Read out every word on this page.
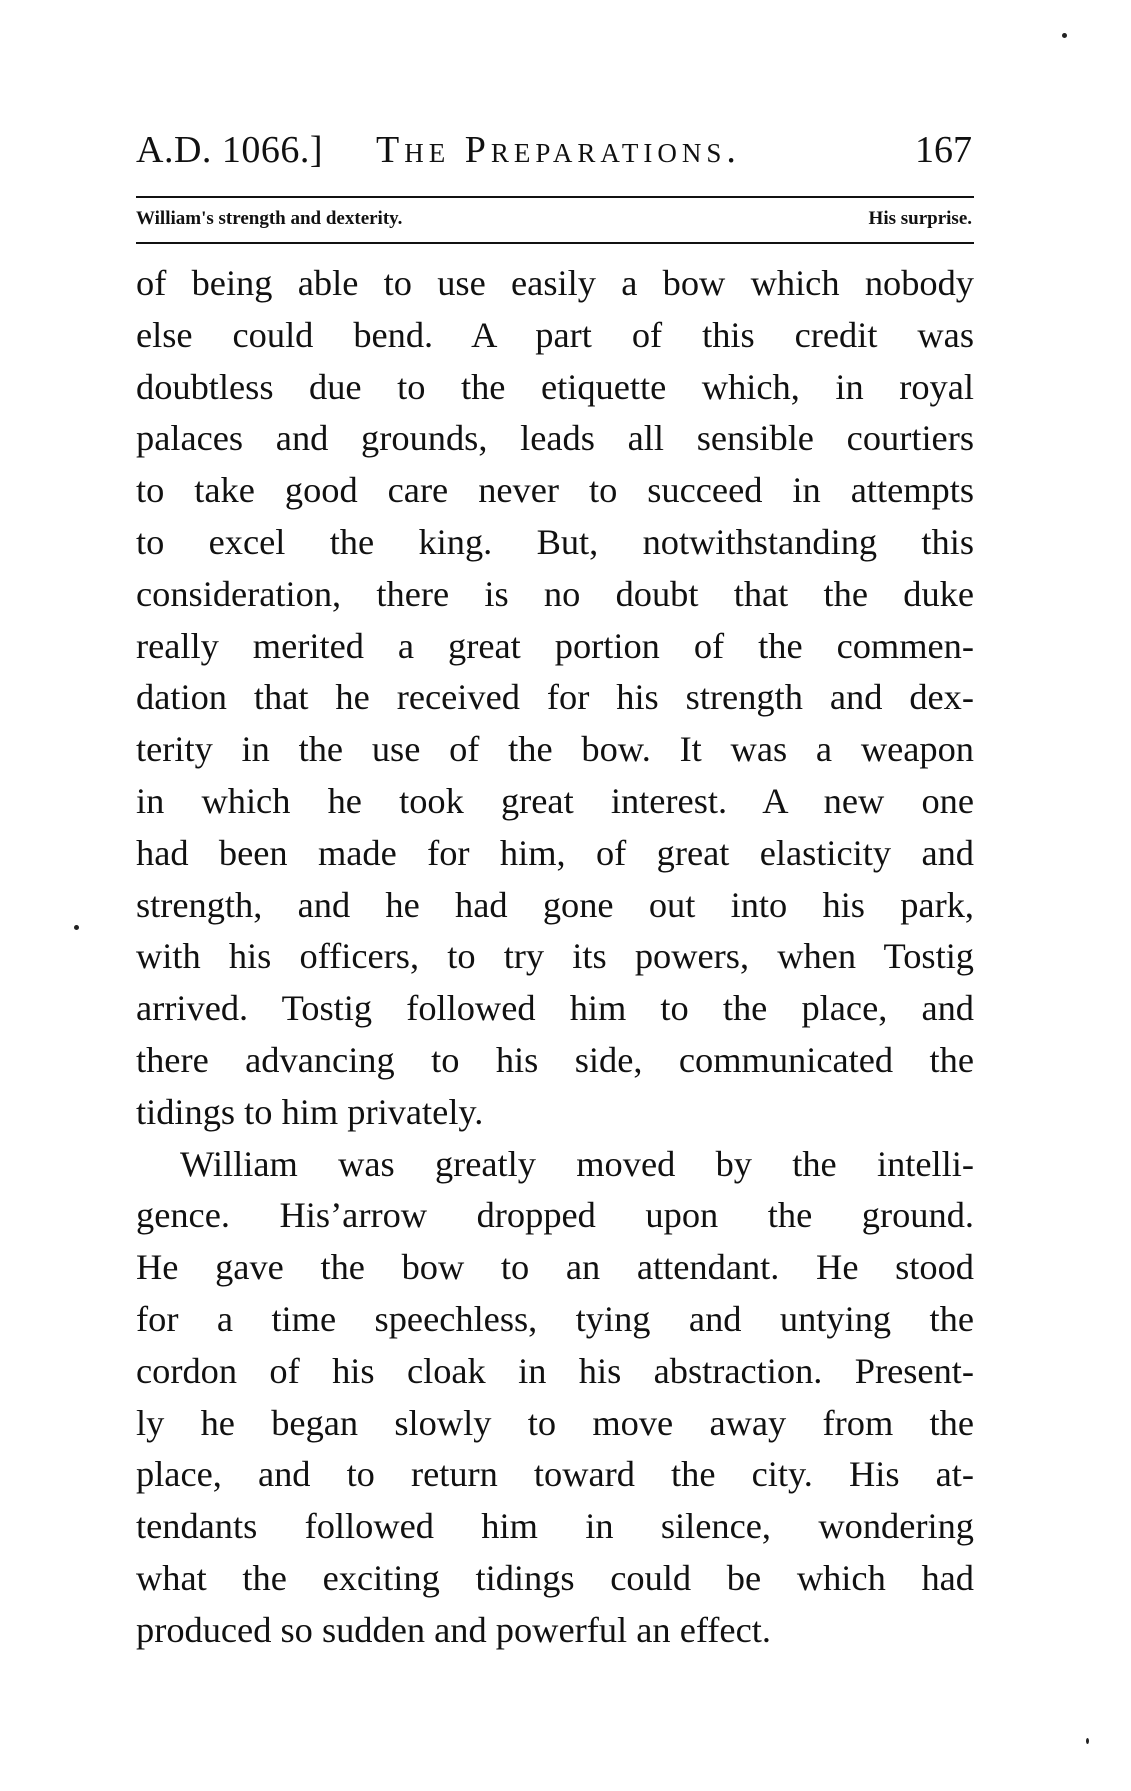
A.D. 1066.] The Preparations.	167
William's strength and dexterity.	His surprise.
of being able to use easily a bow which nobody
else could bend. A part of this credit was
doubtless due to the etiquette which, in royal
palaces and grounds, leads all sensible courtiers
to take good care never to succeed in attempts
to excel the king. But, notwithstanding this
consideration, there is no doubt that the duke
really merited a great portion of the commen-
dation that he received for his strength and dex-
terity in the use of the bow. It was a weapon
in which he took great interest. A new one
had been made for him, of great elasticity and
strength, and he had gone out into his park,
with his officers, to try its powers, when Tostig
arrived. Tostig followed him to the place, and
there advancing to his side, communicated the
tidings to him privately.
William was greatly moved by the intelli-
gence. His’arrow dropped upon the ground.
He gave the bow to an attendant. He stood
for a time speechless, tying and untying the
cordon of his cloak in his abstraction. Present-
ly he began slowly to move away from the
place, and to return toward the city. His at-
tendants followed him in silence, wondering
what the exciting tidings could be which had
produced so sudden and powerful an effect.
